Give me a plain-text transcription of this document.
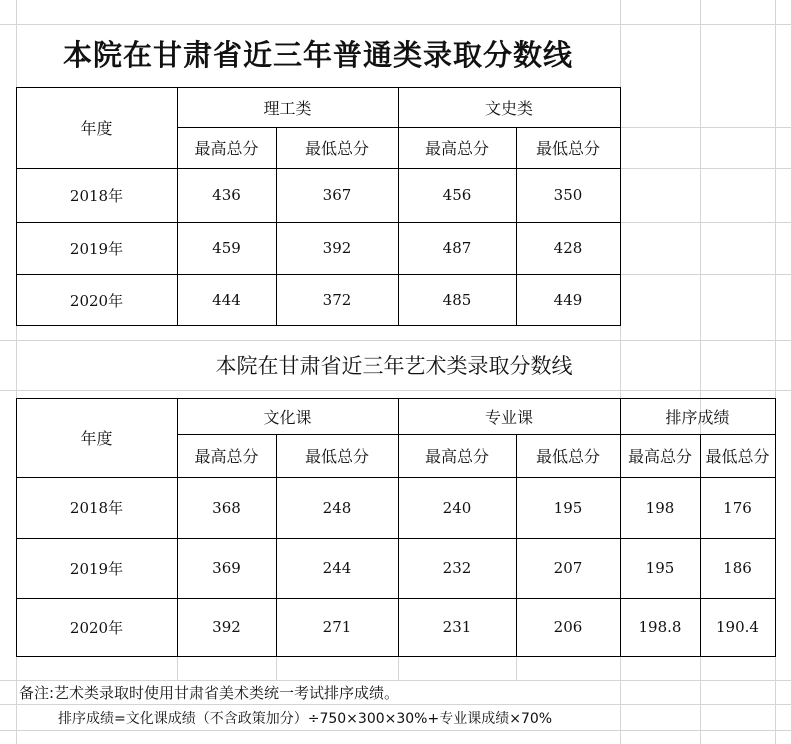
本院在甘肃省近三年普通类录取分数线
年度
理工类	文史类
最高总分	最低总分	最高总分	最低总分
2018年	436	367	456	350
2019年	459	392	487	428
2020年	444	372	485	449
本院在甘肃省近三年艺术类录取分数线
年度
文化课	专业课	排序成绩
最高总分	最低总分	最高总分	最低总分	最高总分 最低总分
2018年	368	248	240	195	198	176
2019年	369	244	232	207	195	186
2020年	392	271	231	206	198.8	190.4
备注:艺术类录取时使用甘肃省美术类统一考试排序成绩。
排序成绩=文化课成绩（不含政策加分）÷750×300×30%+专业课成绩×70%
